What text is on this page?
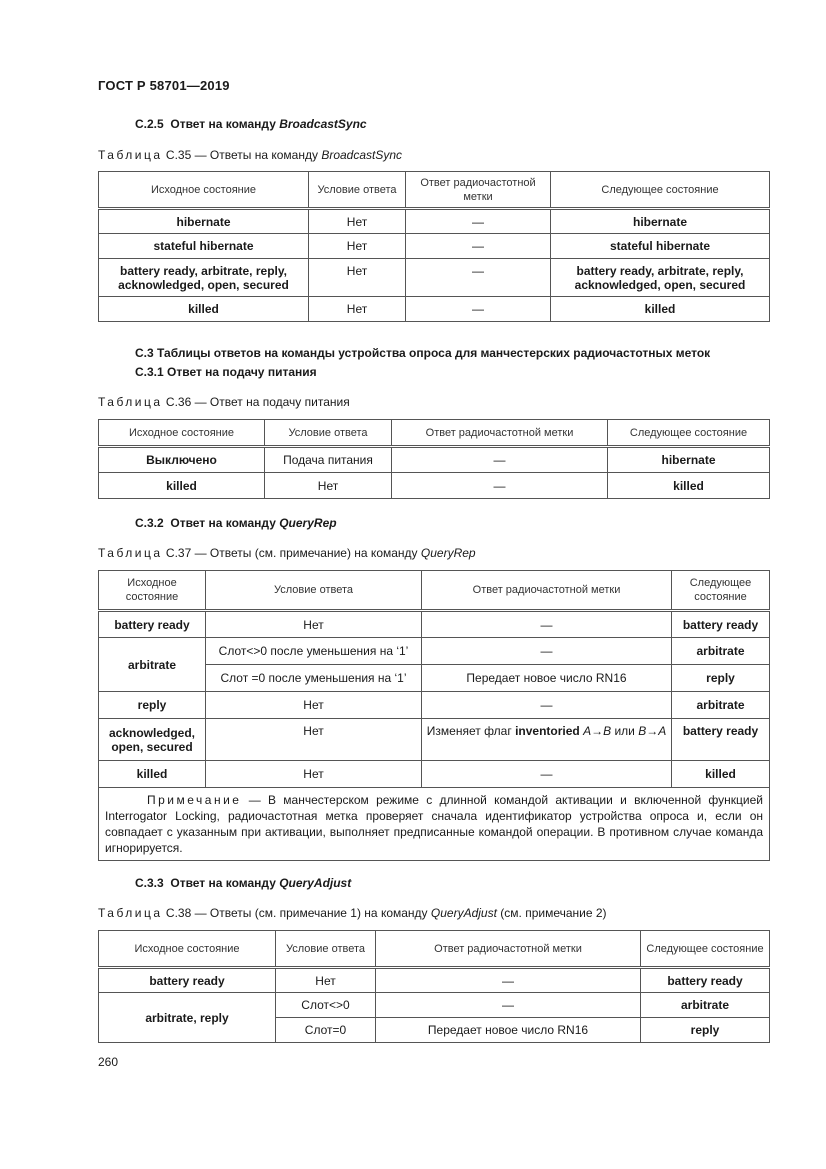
ГОСТ Р 58701—2019
С.2.5 Ответ на команду BroadcastSync
Таблица С.35 — Ответы на команду BroadcastSync
Исходное состояние	Условие ответа	Ответ радиочастотной метки	Следующее состояние
hibernate	Нет	—	hibernate
stateful hibernate	Нет	—	stateful hibernate
battery ready, arbitrate, reply, acknowledged, open, secured	Нет	—	battery ready, arbitrate, reply, acknowledged, open, secured
killed	Нет	—	killed
С.3 Таблицы ответов на команды устройства опроса для манчестерских радиочастотных меток
С.3.1 Ответ на подачу питания
Таблица С.36 — Ответ на подачу питания
Исходное состояние	Условие ответа	Ответ радиочастотной метки	Следующее состояние
Выключено	Подача питания	—	hibernate
killed	Нет	—	killed
С.3.2 Ответ на команду QueryRep
Таблица С.37 — Ответы (см. примечание) на команду QueryRep
Исходное состояние	Условие ответа	Ответ радиочастотной метки	Следующее состояние
battery ready	Нет	—	battery ready
arbitrate	Слот<>0 после уменьшения на ‘1’	—	arbitrate
	Слот =0 после уменьшения на ‘1’	Передает новое число RN16	reply
reply	Нет	—	arbitrate
acknowledged, open, secured	Нет	Изменяет флаг inventoried A→B или B→A	battery ready
killed	Нет	—	killed
Примечание — В манчестерском режиме с длинной командой активации и включенной функцией Interrogator Locking, радиочастотная метка проверяет сначала идентификатор устройства опроса и, если он совпадает с указанным при активации, выполняет предписанные командой операции. В противном случае команда игнорируется.			
С.3.3 Ответ на команду QueryAdjust
Таблица С.38 — Ответы (см. примечание 1) на команду QueryAdjust (см. примечание 2)
Исходное состояние	Условие ответа	Ответ радиочастотной метки	Следующее состояние
battery ready	Нет	—	battery ready
arbitrate, reply	Слот<>0	—	arbitrate
	Слот=0	Передает новое число RN16	reply
260
